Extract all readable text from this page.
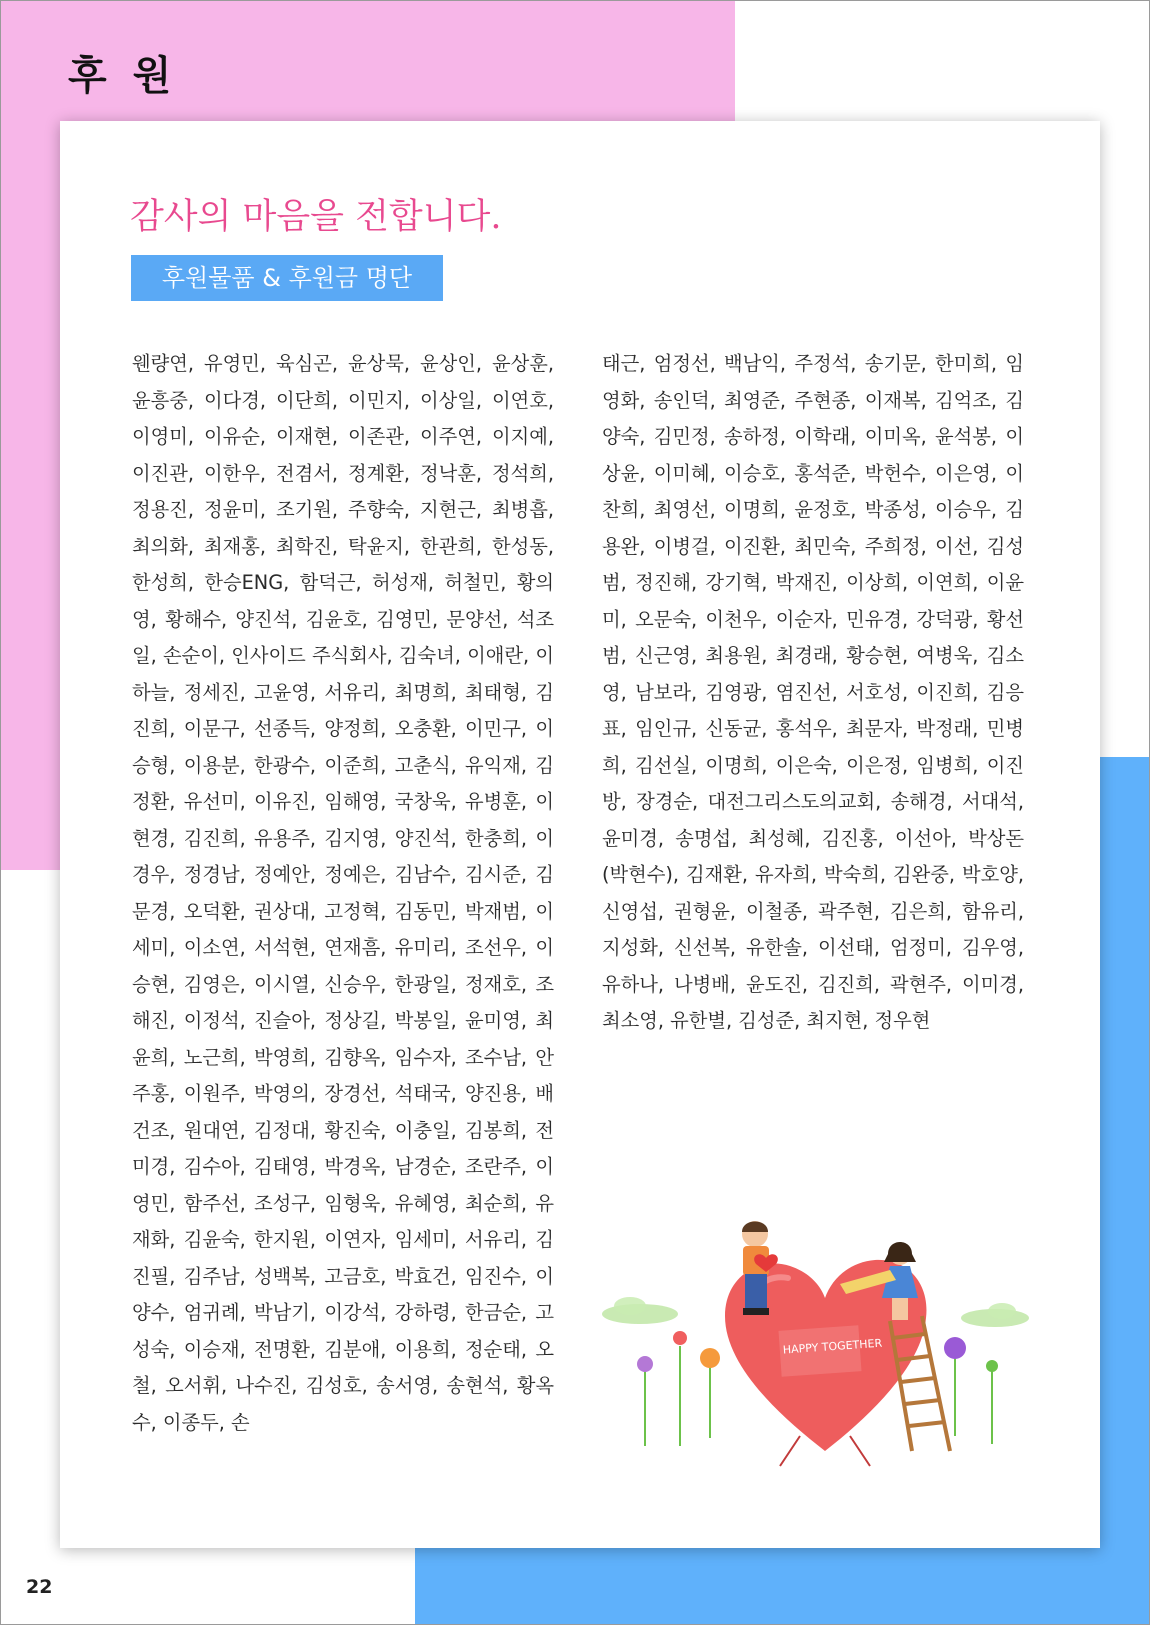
후 원
감사의 마음을 전합니다.
후원물품 & 후원금 명단

웬량연, 유영민, 육심곤, 윤상묵, 윤상인, 윤상훈, 윤흥중, 이다경, 이단희, 이민지, 이상일, 이연호, 이영미, 이유순, 이재현, 이존관, 이주연, 이지예, 이진관, 이한우, 전겸서, 정계환, 정낙훈, 정석희, 정용진, 정윤미, 조기원, 주향숙, 지현근, 최병흡, 최의화, 최재홍, 최학진, 탁윤지, 한관희, 한성동, 한성희, 한승ENG, 함덕근, 허성재, 허철민, 황의영, 황해수, 양진석, 김윤호, 김영민, 문양선, 석조일, 손순이, 인사이드 주식회사, 김숙녀, 이애란, 이하늘, 정세진, 고윤영, 서유리, 최명희, 최태형, 김진희, 이문구, 선종득, 양정희, 오충환, 이민구, 이승형, 이용분, 한광수, 이준희, 고춘식, 유익재, 김정환, 유선미, 이유진, 임해영, 국창욱, 유병훈, 이현경, 김진희, 유용주, 김지영, 양진석, 한충희, 이경우, 정경남, 정예안, 정예은, 김남수, 김시준, 김문경, 오덕환, 권상대, 고정혁, 김동민, 박재범, 이세미, 이소연, 서석현, 연재흠, 유미리, 조선우, 이승현, 김영은, 이시열, 신승우, 한광일, 정재호, 조해진, 이정석, 진슬아, 정상길, 박봉일, 윤미영, 최윤희, 노근희, 박영희, 김향옥, 임수자, 조수남, 안주홍, 이원주, 박영의, 장경선, 석태국, 양진용, 배건조, 원대연, 김정대, 황진숙, 이충일, 김봉희, 전미경, 김수아, 김태영, 박경옥, 남경순, 조란주, 이영민, 함주선, 조성구, 임형욱, 유혜영, 최순희, 유재화, 김윤숙, 한지원, 이연자, 임세미, 서유리, 김진필, 김주남, 성백복, 고금호, 박효건, 임진수, 이양수, 엄귀례, 박남기, 이강석, 강하령, 한금순, 고성숙, 이승재, 전명환, 김분애, 이용희, 정순태, 오철, 오서휘, 나수진, 김성호, 송서영, 송현석, 황옥수, 이종두, 손

태근, 엄정선, 백남익, 주정석, 송기문, 한미희, 임영화, 송인덕, 최영준, 주현종, 이재복, 김억조, 김양숙, 김민정, 송하정, 이학래, 이미옥, 윤석봉, 이상윤, 이미혜, 이승호, 홍석준, 박헌수, 이은영, 이찬희, 최영선, 이명희, 윤정호, 박종성, 이승우, 김용완, 이병걸, 이진환, 최민숙, 주희정, 이선, 김성범, 정진해, 강기혁, 박재진, 이상희, 이연희, 이윤미, 오문숙, 이천우, 이순자, 민유경, 강덕광, 황선범, 신근영, 최용원, 최경래, 황승현, 여병욱, 김소영, 남보라, 김영광, 염진선, 서호성, 이진희, 김응표, 임인규, 신동균, 홍석우, 최문자, 박정래, 민병희, 김선실, 이명희, 이은숙, 이은정, 임병희, 이진방, 장경순, 대전그리스도의교회, 송해경, 서대석, 윤미경, 송명섭, 최성혜, 김진홍, 이선아, 박상돈(박현수), 김재환, 유자희, 박숙희, 김완중, 박호양, 신영섭, 권형윤, 이철종, 곽주현, 김은희, 함유리, 지성화, 신선복, 유한솔, 이선태, 엄정미, 김우영, 유하나, 나병배, 윤도진, 김진희, 곽현주, 이미경, 최소영, 유한별, 김성준, 최지현, 정우현

HAPPY TOGETHER
22
